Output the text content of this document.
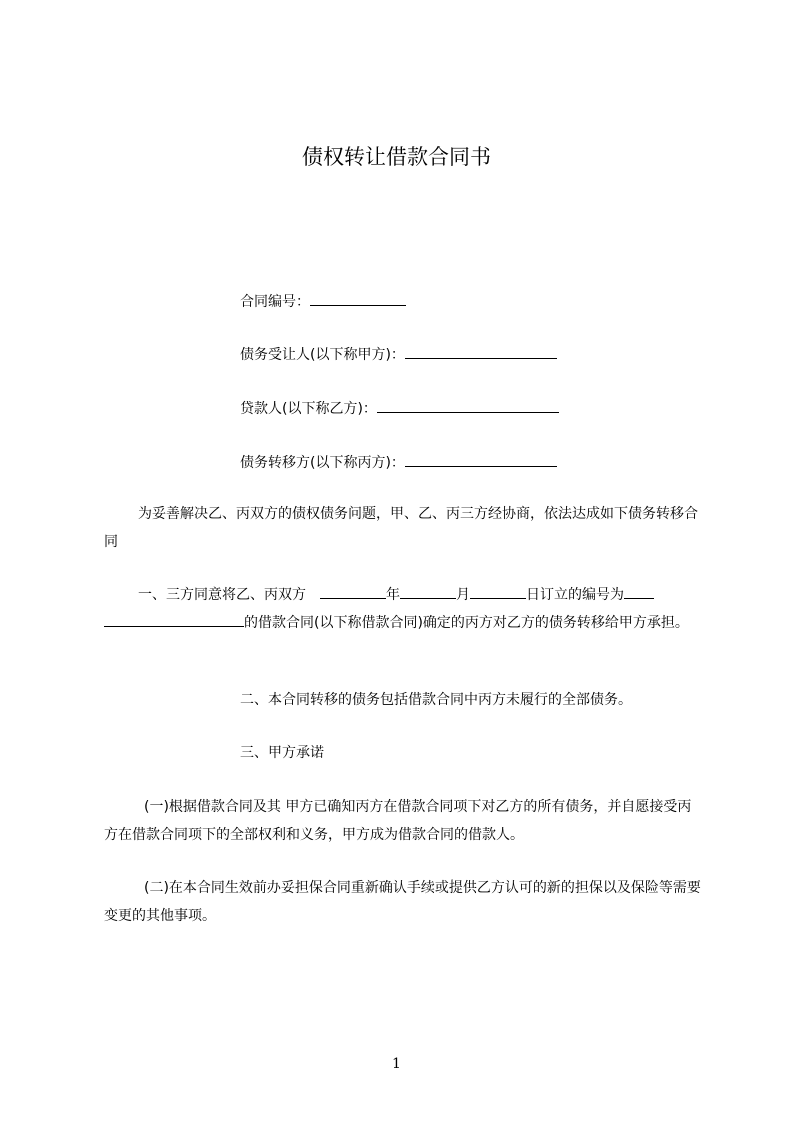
债权转让借款合同书
合同编号：
债务受让人(以下称甲方)：
贷款人(以下称乙方)：
债务转移方(以下称丙方)：
为妥善解决乙、丙双方的债权债务问题，甲、乙、丙三方经协商，依法达成如下债务转移合同
一、三方同意将乙、丙双方	年	月	日订立的编号为的借款合同(以下称借款合同)确定的丙方对乙方的债务转移给甲方承担。
二、本合同转移的债务包括借款合同中丙方未履行的全部债务。
三、甲方承诺
(一)根据借款合同及其 甲方已确知丙方在借款合同项下对乙方的所有债务，并自愿接受丙方在借款合同项下的全部权利和义务，甲方成为借款合同的借款人。
(二)在本合同生效前办妥担保合同重新确认手续或提供乙方认可的新的担保以及保险等需要变更的其他事项。
1
